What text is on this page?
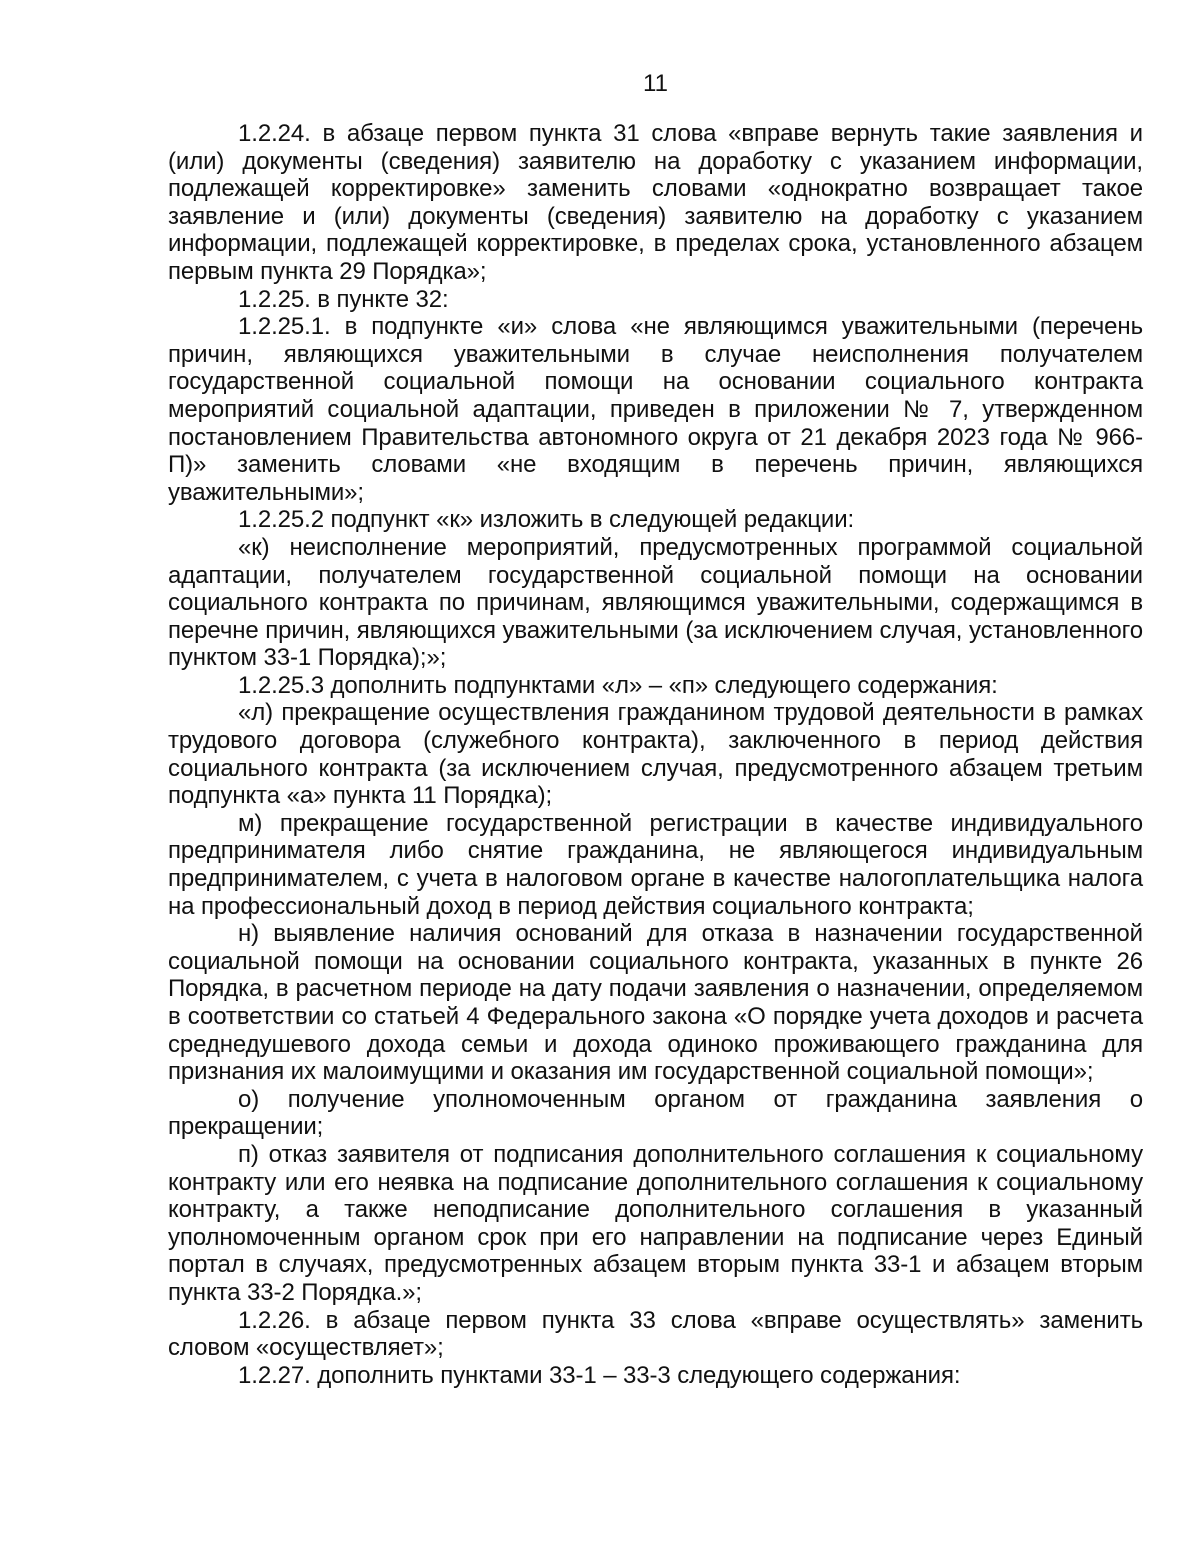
11

1.2.24. в абзаце первом пункта 31 слова «вправе вернуть такие заявления и (или) документы (сведения) заявителю на доработку с указанием информации, подлежащей корректировке» заменить словами «однократно возвращает такое заявление и (или) документы (сведения) заявителю на доработку с указанием информации, подлежащей корректировке, в пределах срока, установленного абзацем первым пункта 29 Порядка»;

1.2.25. в пункте 32:

1.2.25.1. в подпункте «и» слова «не являющимся уважительными (перечень причин, являющихся уважительными в случае неисполнения получателем государственной социальной помощи на основании социального контракта мероприятий социальной адаптации, приведен в приложении № 7, утвержденном постановлением Правительства автономного округа от 21 декабря 2023 года № 966-П)» заменить словами «не входящим в перечень причин, являющихся уважительными»;

1.2.25.2 подпункт «к» изложить в следующей редакции:

«к) неисполнение мероприятий, предусмотренных программой социальной адаптации, получателем государственной социальной помощи на основании социального контракта по причинам, являющимся уважительными, содержащимся в перечне причин, являющихся уважительными (за исключением случая, установленного пунктом 33-1 Порядка);»;

1.2.25.3 дополнить подпунктами «л» – «п» следующего содержания:

«л) прекращение осуществления гражданином трудовой деятельности в рамках трудового договора (служебного контракта), заключенного в период действия социального контракта (за исключением случая, предусмотренного абзацем третьим подпункта «а» пункта 11 Порядка);

м) прекращение государственной регистрации в качестве индивидуального предпринимателя либо снятие гражданина, не являющегося индивидуальным предпринимателем, с учета в налоговом органе в качестве налогоплательщика налога на профессиональный доход в период действия социального контракта;

н) выявление наличия оснований для отказа в назначении государственной социальной помощи на основании социального контракта, указанных в пункте 26 Порядка, в расчетном периоде на дату подачи заявления о назначении, определяемом в соответствии со статьей 4 Федерального закона «О порядке учета доходов и расчета среднедушевого дохода семьи и дохода одиноко проживающего гражданина для признания их малоимущими и оказания им государственной социальной помощи»;

о) получение уполномоченным органом от гражданина заявления о прекращении;

п) отказ заявителя от подписания дополнительного соглашения к социальному контракту или его неявка на подписание дополнительного соглашения к социальному контракту, а также неподписание дополнительного соглашения в указанный уполномоченным органом срок при его направлении на подписание через Единый портал в случаях, предусмотренных абзацем вторым пункта 33-1 и абзацем вторым пункта 33-2 Порядка.»;

1.2.26. в абзаце первом пункта 33 слова «вправе осуществлять» заменить словом «осуществляет»;

1.2.27. дополнить пунктами 33-1 – 33-3 следующего содержания:
